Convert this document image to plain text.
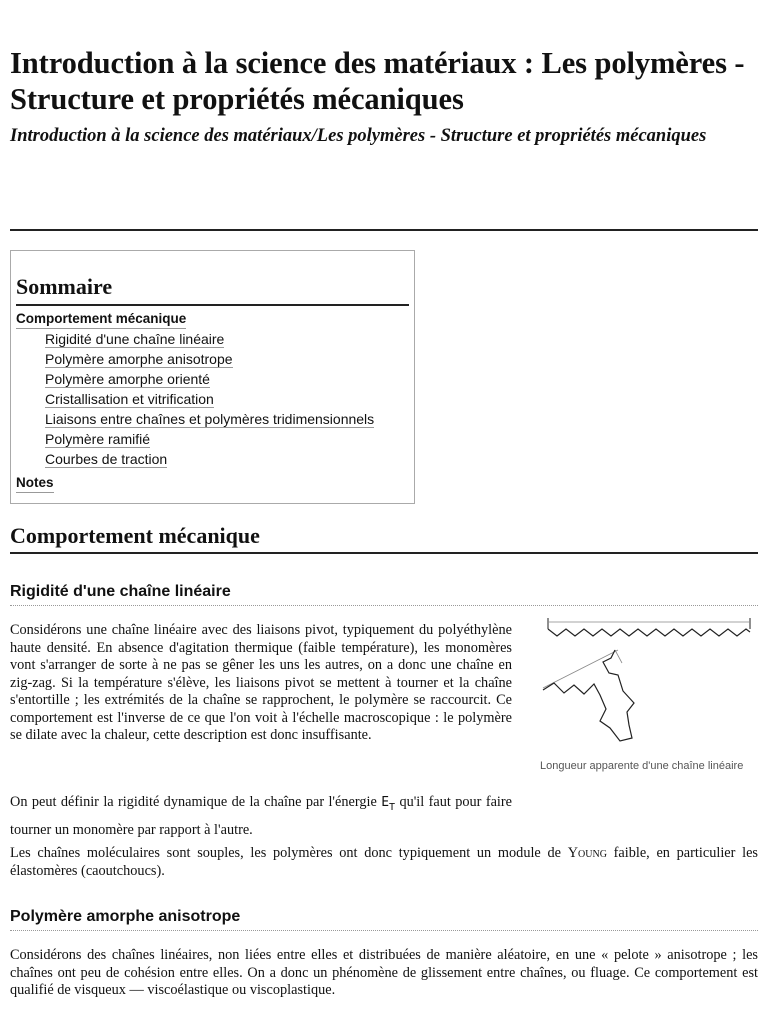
Introduction à la science des matériaux : Les polymères - Structure et propriétés mécaniques
Introduction à la science des matériaux/Les polymères - Structure et propriétés mécaniques
Sommaire
Comportement mécanique
Rigidité d'une chaîne linéaire
Polymère amorphe anisotrope
Polymère amorphe orienté
Cristallisation et vitrification
Liaisons entre chaînes et polymères tridimensionnels
Polymère ramifié
Courbes de traction
Notes
Comportement mécanique
Rigidité d'une chaîne linéaire

Considérons une chaîne linéaire avec des liaisons pivot, typiquement du polyéthylène haute densité. En absence d'agitation thermique (faible température), les monomères vont s'arranger de sorte à ne pas se gêner les uns les autres, on a donc une chaîne en zig-zag. Si la température s'élève, les liaisons pivot se mettent à tourner et la chaîne s'entortille ; les extrémités de la chaîne se rapprochent, le polymère se raccourcit. Ce comportement est l'inverse de ce que l'on voit à l'échelle macroscopique : le polymère se dilate avec la chaleur, cette description est donc insuffisante.

Longueur apparente d'une chaîne linéaire

On peut définir la rigidité dynamique de la chaîne par l'énergie $E_T$ qu'il faut pour faire tourner un monomère par rapport à l'autre.

Les chaînes moléculaires sont souples, les polymères ont donc typiquement un module de Young faible, en particulier les élastomères (caoutchoucs).

Polymère amorphe anisotrope

Considérons des chaînes linéaires, non liées entre elles et distribuées de manière aléatoire, en une « pelote » anisotrope ; les chaînes ont peu de cohésion entre elles. On a donc un phénomène de glissement entre chaînes, ou fluage. Ce comportement est qualifié de visqueux — viscoélastique ou viscoplastique.
